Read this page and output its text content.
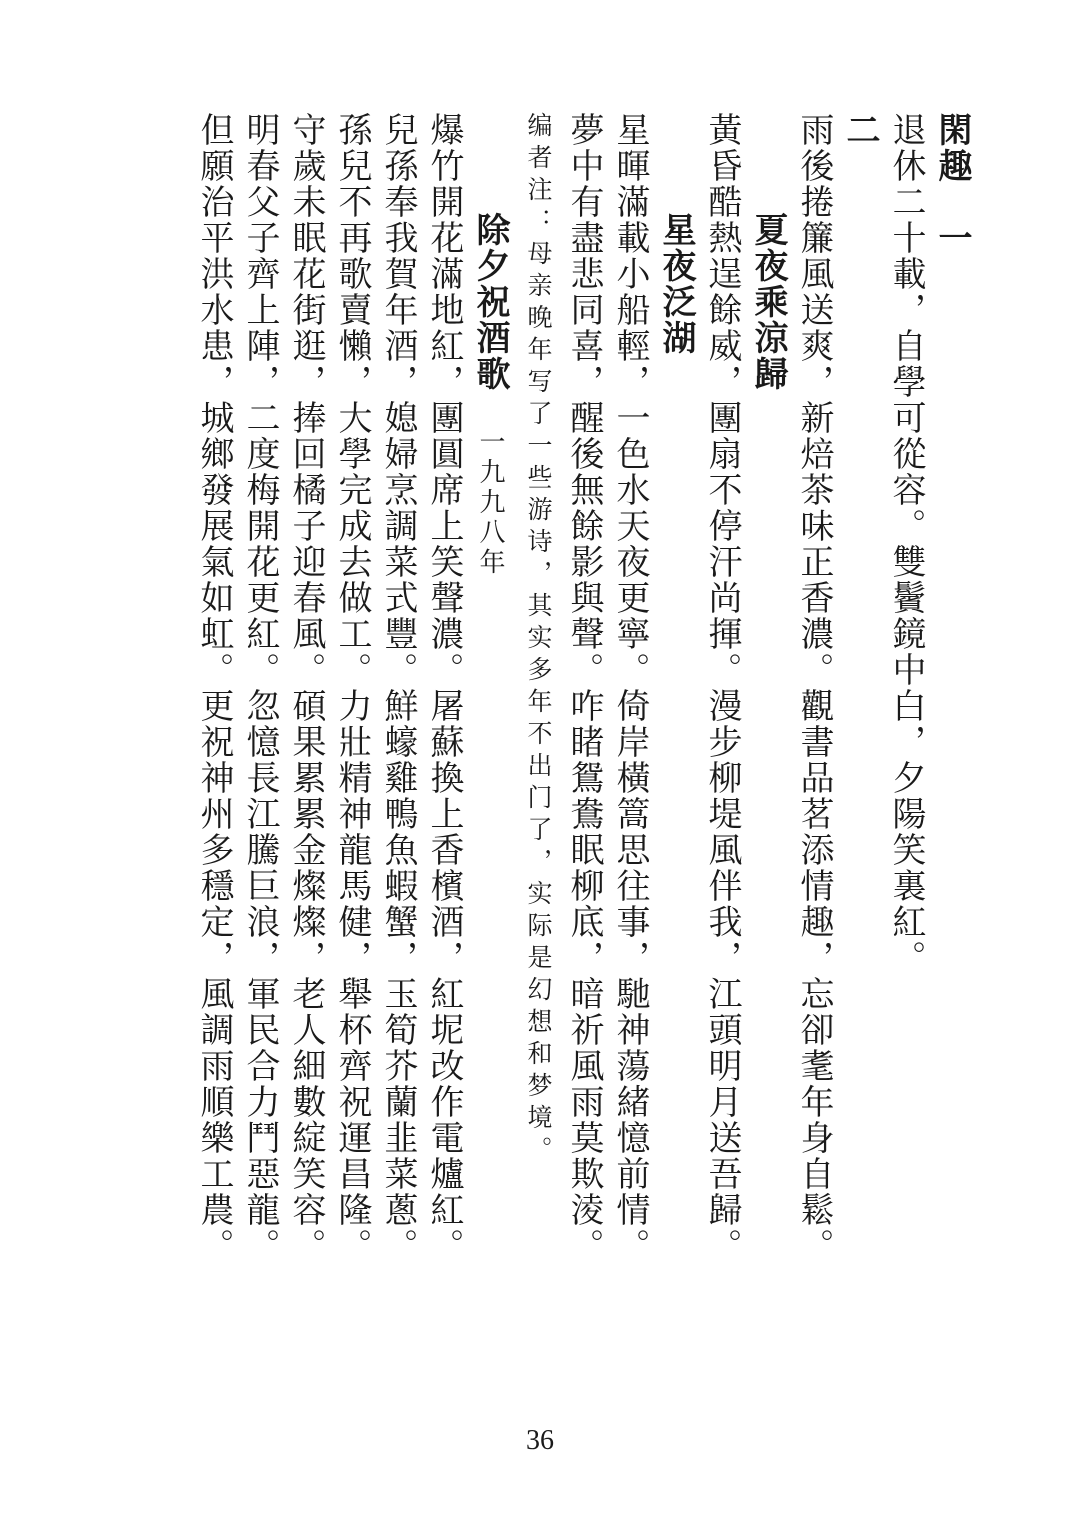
閑趣　一
退休二十載，自學可從容。雙鬢鏡中白，夕陽笑裏紅。
二
雨後捲簾風送爽，新焙茶味正香濃。觀書品茗添情趣，忘卻耄年身自鬆。
夏夜乘涼歸
黃昏酷熱逞餘威，團扇不停汗尚揮。漫步柳堤風伴我，江頭明月送吾歸。
星夜泛湖
星暉滿載小船輕，一色水天夜更寧。倚岸橫篙思往事，馳神蕩緒憶前情。
夢中有盡悲同喜，醒後無餘影與聲。咋睹鴛鴦眠柳底，暗祈風雨莫欺淩。
编者注：母亲晚年写了一些游诗，其实多年不出门了，实际是幻想和梦境。
除夕祝酒歌　一九九八年
爆竹開花滿地紅，團圓席上笑聲濃。屠蘇換上香檳酒，紅坭改作電爐紅。
兒孫奉我賀年酒，媳婦烹調菜式豐。鮮蠔雞鴨魚蝦蟹，玉筍芥蘭韭菜蔥。
孫兒不再歌賣懶，大學完成去做工。力壯精神龍馬健，舉杯齊祝運昌隆。
守歲未眠花街逛，捧回橘子迎春風。碩果累累金燦燦，老人細數綻笑容。
明春父子齊上陣，二度梅開花更紅。忽憶長江騰巨浪，軍民合力鬥惡龍。
但願治平洪水患，城鄉發展氣如虹。更祝神州多穩定，風調雨順樂工農。
36
